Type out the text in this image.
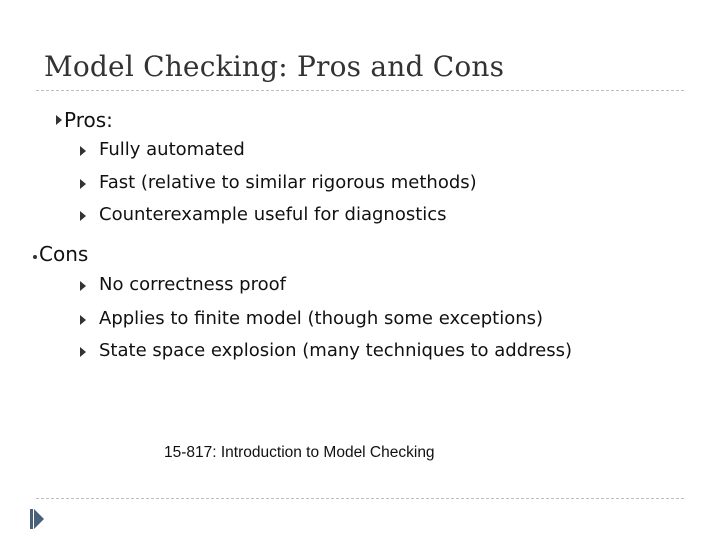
Model Checking: Pros and Cons
Pros:
Fully automated
Fast (relative to similar rigorous methods)
Counterexample useful for diagnostics
Cons
No correctness proof
Applies to finite model (though some exceptions)
State space explosion (many techniques to address)
15-817: Introduction to Model Checking
